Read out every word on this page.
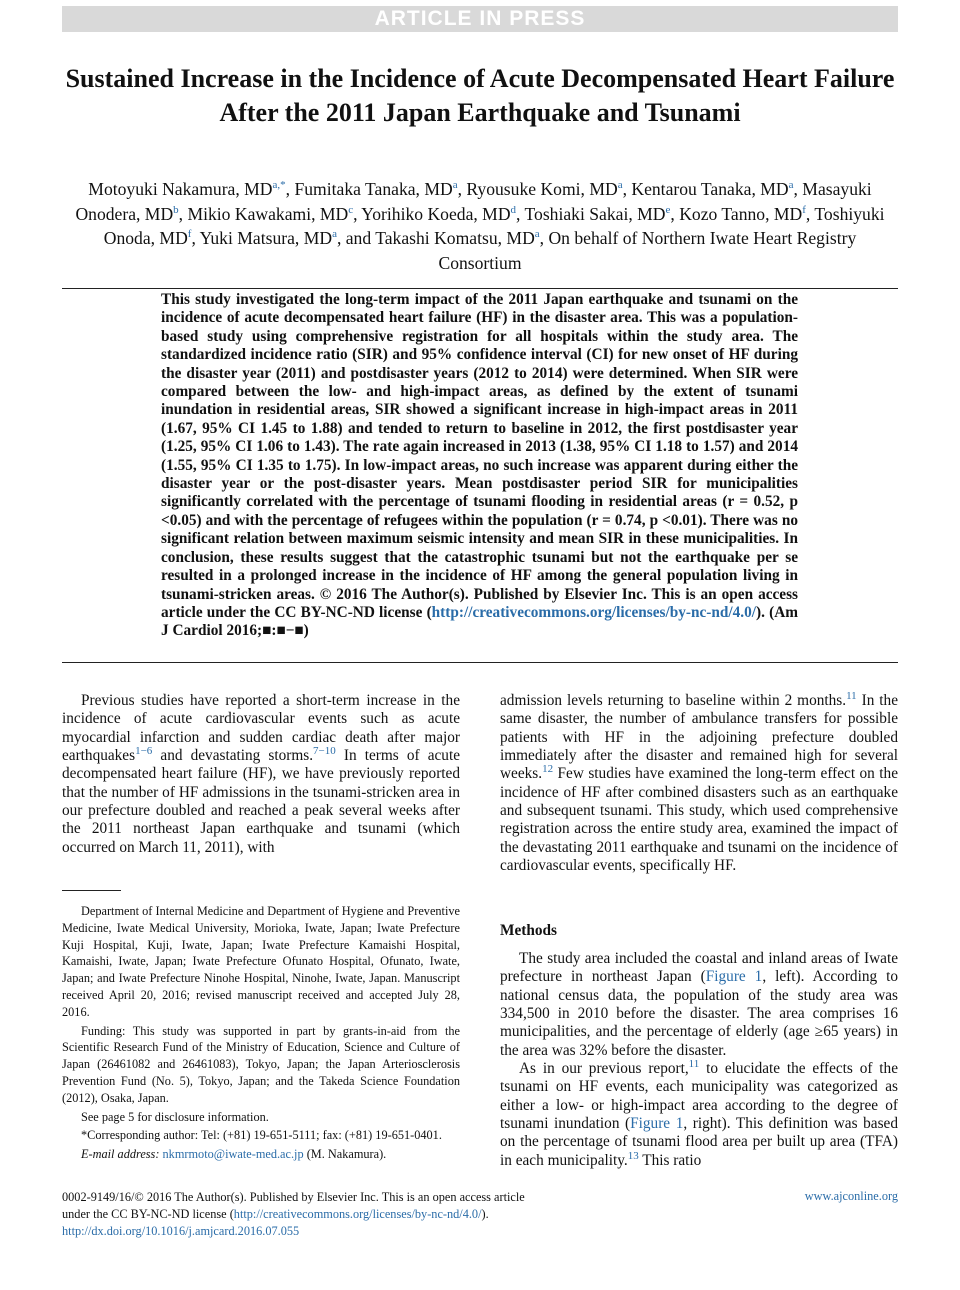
ARTICLE IN PRESS
Sustained Increase in the Incidence of Acute Decompensated Heart Failure After the 2011 Japan Earthquake and Tsunami
Motoyuki Nakamura, $MD^{a,*}$, Fumitaka Tanaka, $MD^a$, Ryousuke Komi, $MD^a$, Kentarou Tanaka, $MD^a$, Masayuki Onodera, $MD^b$, Mikio Kawakami, $MD^c$, Yorihiko Koeda, $MD^d$, Toshiaki Sakai, MDe, Kozo Tanno, $MD^f$, Toshiyuki Onoda, $MD^f$, Yuki Matsura, $MD^a$, and Takashi Komatsu, $MD^a$, On behalf of Northern Iwate Heart Registry Consortium
This study investigated the long-term impact of the 2011 Japan earthquake and tsunami on the incidence of acute decompensated heart failure (HF) in the disaster area. This was a population-based study using comprehensive registration for all hospitals within the study area. The standardized incidence ratio (SIR) and 95% confidence interval (CI) for new onset of HF during the disaster year (2011) and postdisaster years (2012 to 2014) were determined. When SIR were compared between the low- and high-impact areas, as defined by the extent of tsunami inundation in residential areas, SIR showed a significant increase in high-impact areas in 2011 (1.67, 95% CI 1.45 to 1.88) and tended to return to baseline in 2012, the first postdisaster year (1.25, 95% CI 1.06 to 1.43). The rate again increased in 2013 (1.38, 95% CI 1.18 to 1.57) and 2014 (1.55, 95% CI 1.35 to 1.75). In low-impact areas, no such increase was apparent during either the disaster year or the post-disaster years. Mean postdisaster period SIR for municipalities significantly correlated with the percentage of tsunami flooding in residential areas (r = 0.52, p <0.05) and with the percentage of refugees within the population (r = 0.74, p <0.01). There was no significant relation between maximum seismic intensity and mean SIR in these municipalities. In conclusion, these results suggest that the catastrophic tsunami but not the earthquake per se resulted in a prolonged increase in the incidence of HF among the general population living in tsunami-stricken areas. © 2016 The Author(s). Published by Elsevier Inc. This is an open access article under the CC BY-NC-ND license (http://creativecommons.org/licenses/by-nc-nd/4.0/). (Am J Cardiol 2016;■:■−■)

Previous studies have reported a short-term increase in the incidence of acute cardiovascular events such as acute myocardial infarction and sudden cardiac death after major earthquakes$^{1-6}$ and devastating storms.$^{7-10}$ In terms of acute decompensated heart failure (HF), we have previously reported that the number of HF admissions in the tsunami-stricken area in our prefecture doubled and reached a peak several weeks after the 2011 northeast Japan earthquake and tsunami (which occurred on March 11, 2011), with

Department of Internal Medicine and Department of Hygiene and Preventive Medicine, Iwate Medical University, Morioka, Iwate, Japan; Iwate Prefecture Kuji Hospital, Kuji, Iwate, Japan; Iwate Prefecture Kamaishi Hospital, Kamaishi, Iwate, Japan; Iwate Prefecture Ofunato Hospital, Ofunato, Iwate, Japan; and Iwate Prefecture Ninohe Hospital, Ninohe, Iwate, Japan. Manuscript received April 20, 2016; revised manuscript received and accepted July 28, 2016.

Funding: This study was supported in part by grants-in-aid from the Scientific Research Fund of the Ministry of Education, Science and Culture of Japan (26461082 and 26461083), Tokyo, Japan; the Japan Arteriosclerosis Prevention Fund (No. 5), Tokyo, Japan; and the Takeda Science Foundation (2012), Osaka, Japan.

See page 5 for disclosure information.

*Corresponding author: Tel: (+81) 19-651-5111; fax: (+81) 19-651-0401.

E-mail address: nkmrmoto@iwate-med.ac.jp (M. Nakamura).

admission levels returning to baseline within 2 months.$^{11}$ In the same disaster, the number of ambulance transfers for possible patients with HF in the adjoining prefecture doubled immediately after the disaster and remained high for several weeks.$^{12}$ Few studies have examined the long-term effect on the incidence of HF after combined disasters such as an earthquake and subsequent tsunami. This study, which used comprehensive registration across the entire study area, examined the impact of the devastating 2011 earthquake and tsunami on the incidence of cardiovascular events, specifically HF.

Methods

The study area included the coastal and inland areas of Iwate prefecture in northeast Japan (Figure 1, left). According to national census data, the population of the study area was 334,500 in 2010 before the disaster. The area comprises 16 municipalities, and the percentage of elderly (age ≥65 years) in the area was 32% before the disaster.

As in our previous report,$^{11}$ to elucidate the effects of the tsunami on HF events, each municipality was categorized as either a low- or high-impact area according to the degree of tsunami inundation (Figure 1, right). This definition was based on the percentage of tsunami flood area per built up area (TFA) in each municipality.$^{13}$ This ratio

0002-9149/16/© 2016 The Author(s). Published by Elsevier Inc. This is an open access article
under the CC BY-NC-ND license (http://creativecommons.org/licenses/by-nc-nd/4.0/).
http://dx.doi.org/10.1016/j.amjcard.2016.07.055
www.ajconline.org
